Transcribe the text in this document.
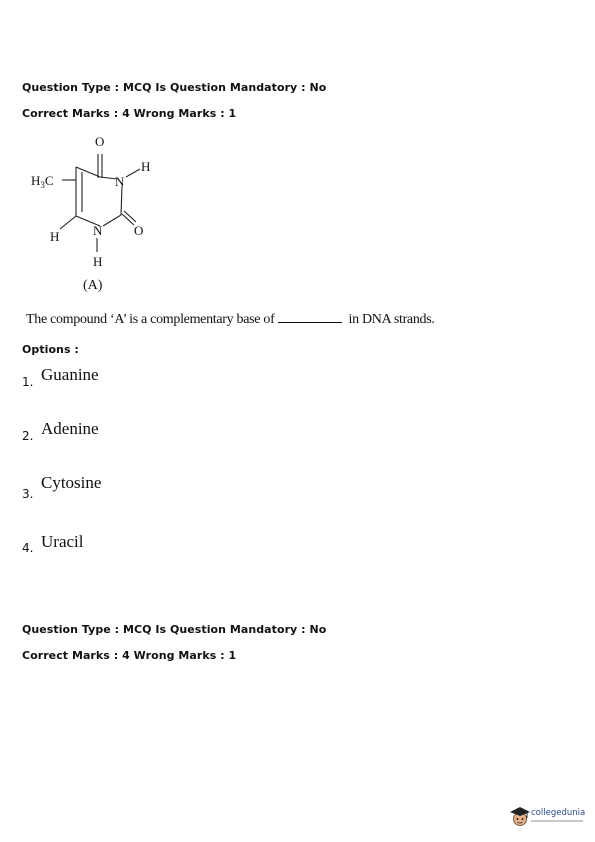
Question Type : MCQ Is Question Mandatory : No
Correct Marks : 4 Wrong Marks : 1
O
O
N
H
N
H
H
$H_3C$
(A)
The compound ‘A’ is a complementary base of	in DNA strands.
Options :
1. Guanine
2. Adenine
3.
Cytosine
4. Uracil
Question Type : MCQ Is Question Mandatory : No
Correct Marks : 4 Wrong Marks : 1
collegedunia
